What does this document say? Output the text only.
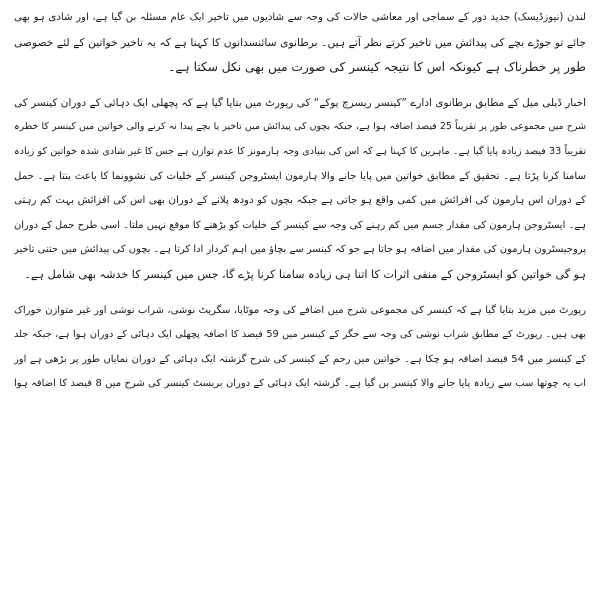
لندن (نیوزڈیسک) جدید دور کے سماجی اور معاشی حالات کی وجہ سے شادیوں میں تاخیر ایک عام مسئلہ بن گیا ہے، اور شادی ہو بھی
جائے تو جوڑے بچے کی پیدائش میں تاخیر کرتے نظر آتے ہیں۔ برطانوی سائنسدانوں کا کہنا ہے کہ یہ تاخیر خواتین کے لئے خصوصی
طور پر خطرناک ہے کیونکہ اس کا نتیجہ کینسر کی صورت میں بھی نکل سکتا ہے۔

اخبار ڈیلی میل کے مطابق برطانوی ادارے ”کینسر ریسرچ یوکے“ کی رپورٹ میں بتایا گیا ہے کہ پچھلی ایک دہائی کے دوران کینسر کی
شرح میں مجموعی طور پر تقریباً 25 فیصد اضافہ ہوا ہے، جبکہ بچوں کی پیدائش میں تاخیر یا بچے پیدا نہ کرنے والی خواتین میں کینسر کا خطرہ
تقریباً 33 فیصد زیادہ پایا گیا ہے۔ ماہرین کا کہنا ہے کہ اس کی بنیادی وجہ ہارمونز کا عدم توازن ہے جس کا غیر شادی شدہ خواتین کو زیادہ
سامنا کرنا پڑتا ہے۔ تحقیق کے مطابق خواتین میں پایا جانے والا ہارمون ایسٹروجن کینسر کے خلیات کی نشوونما کا باعث بنتا ہے۔ حمل
کے دوران اس ہارمون کی افزائش میں کمی واقع ہو جاتی ہے جبکہ بچوں کو دودھ پلانے کے دوران بھی اس کی افزائش بہت کم رہتی
ہے۔ ایسٹروجن ہارمون کی مقدار جسم میں کم رہنے کی وجہ سے کینسر کے خلیات کو بڑھنے کا موقع نہیں ملتا۔ اسی طرح حمل کے دوران
پروجیسٹرون ہارمون کی مقدار میں اضافہ ہو جاتا ہے جو کہ کینسر سے بچاؤ میں اہم کردار ادا کرتا ہے۔ بچوں کی پیدائش میں جتنی تاخیر
ہو گی خواتین کو ایسٹروجن کے منفی اثرات کا اتنا ہی زیادہ سامنا کرنا پڑے گا، جس میں کینسر کا خدشہ بھی شامل ہے۔

رپورٹ میں مزید بتایا گیا ہے کہ کینسر کی مجموعی شرح میں اضافے کی وجہ موٹاپا، سگریٹ نوشی، شراب نوشی اور غیر متوازن خوراک
بھی ہیں۔ رپورٹ کے مطابق شراب نوشی کی وجہ سے جگر کے کینسر میں 59 فیصد کا اضافہ پچھلی ایک دہائی کے دوران ہوا ہے، جبکہ جلد
کے کینسر میں 54 فیصد اضافہ ہو چکا ہے۔ خواتین میں رحم کے کینسر کی شرح گزشتہ ایک دہائی کے دوران نمایاں طور پر بڑھی ہے اور
اب یہ چوتھا سب سے زیادہ پایا جانے والا کینسر بن گیا ہے۔ گزشتہ ایک دہائی کے دوران بریسٹ کینسر کی شرح میں 8 فیصد کا اضافہ ہوا
